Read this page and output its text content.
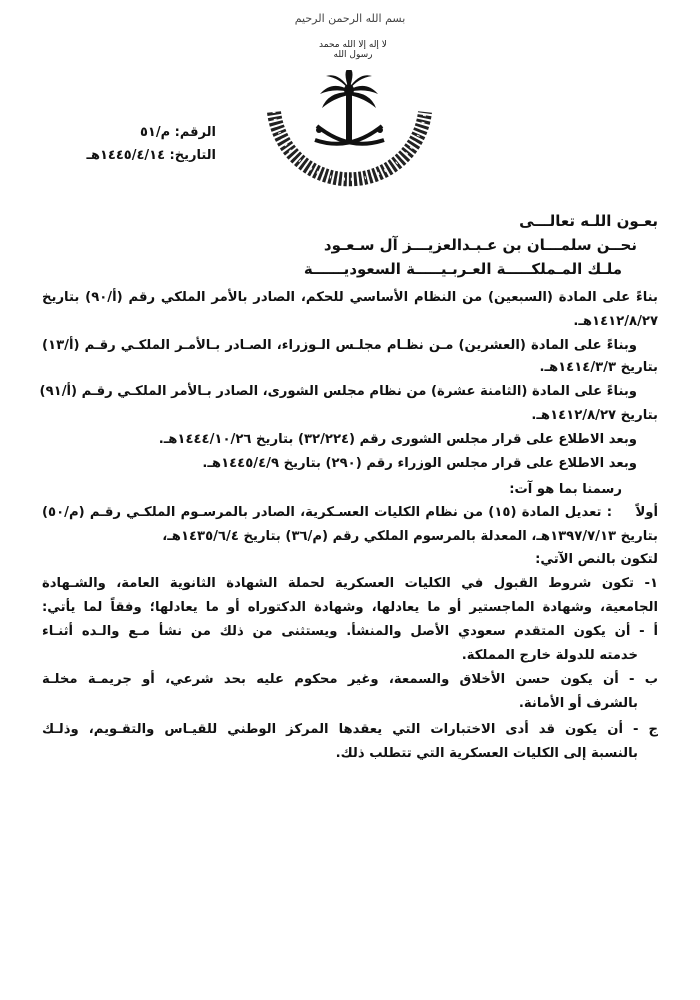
بسم الله الرحمن الرحيم
لا إله إلا الله محمد رسول الله
الرقم: م/٥١
التاريخ: ١٤٤٥/٤/١٤هـ
بعـون اللـه تعالـــى
نحــن سلمـــان بن عـبـدالعزيـــز آل سـعـود
ملـك المـملكـــــة العـربـيـــــة السعوديــــــة
بناءً على المادة (السبعين) من النظام الأساسي للحكم، الصادر بالأمر الملكي رقم (أ/٩٠) بتاريخ
١٤١٢/٨/٢٧هـ.
وبناءً على المادة (العشرين) مـن نظـام مجلـس الـوزراء، الصـادر بـالأمـر الملكـي رقـم (أ/١٣)
بتاريخ ١٤١٤/٣/٣هـ.
وبناءً على المادة (الثامنة عشرة) من نظام مجلس الشورى، الصادر بـالأمر الملكـي رقـم (أ/٩١)
بتاريخ ١٤١٢/٨/٢٧هـ.
وبعد الاطلاع على قرار مجلس الشورى رقم (٣٢/٢٢٤) بتاريخ ١٤٤٤/١٠/٢٦هـ.
وبعد الاطلاع على قرار مجلس الوزراء رقم (٢٩٠) بتاريخ ١٤٤٥/٤/٩هـ.
رسمنا بما هو آت:
أولاً
: تعديل المادة (١٥) من نظام الكليات العسـكرية، الصادر بالمرسـوم الملكـي رقـم (م/٥٠)
بتاريخ ١٣٩٧/٧/١٣هـ، المعدلة بالمرسوم الملكي رقم (م/٣٦) بتاريخ ١٤٣٥/٦/٤هـ،
لتكون بالنص الآتي:
١- تكون شروط القبول في الكليات العسكرية لحملة الشهادة الثانوية العامة، والشـهادة
الجامعية، وشهادة الماجستير أو ما يعادلها، وشهادة الدكتوراه أو ما يعادلها؛ وفقاً لما يأتي:
أ - أن يكون المتقدم سعودي الأصل والمنشأ. ويستثنى من ذلك من نشأ مـع والـده أثنـاء
خدمته للدولة خارج المملكة.
ب - أن يكون حسن الأخلاق والسمعة، وغير محكوم عليه بحد شرعي، أو جريمـة مخلـة
بالشرف أو الأمانة.
ج - أن يكون قد أدى الاختبارات التي يعقدها المركز الوطني للقيـاس والتقـويم، وذلـك
بالنسبة إلى الكليات العسكرية التي تتطلب ذلك.
